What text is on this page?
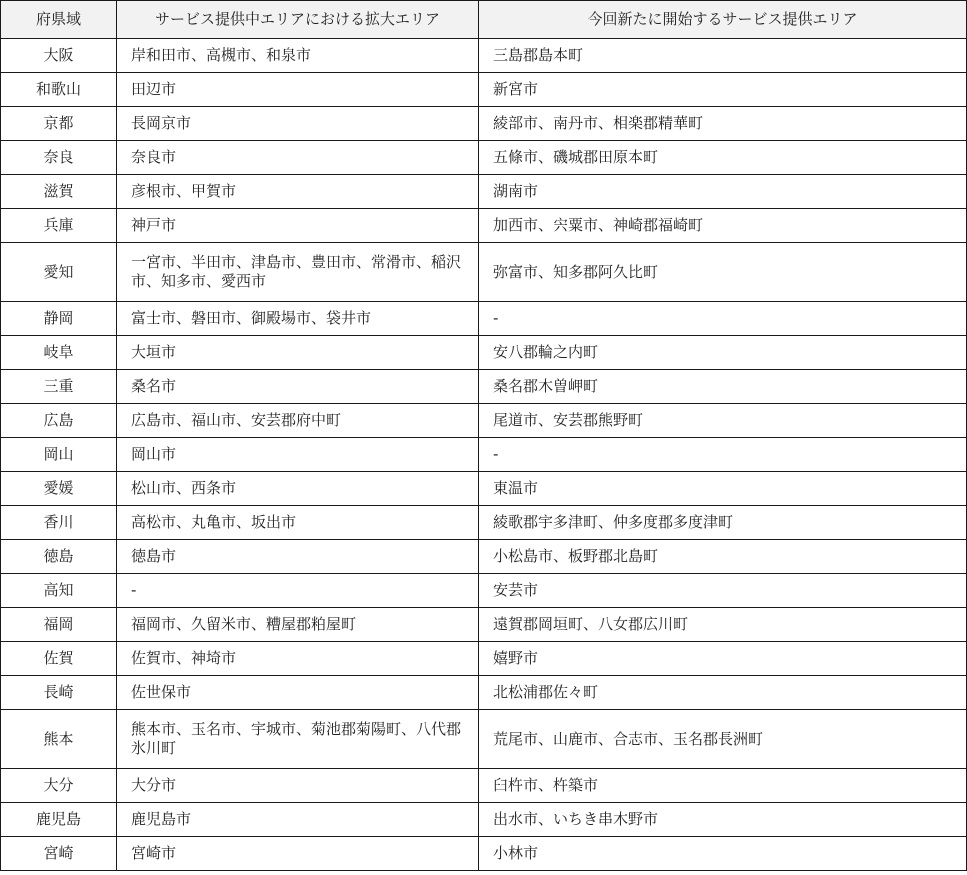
府県域	サービス提供中エリアにおける拡大エリア	今回新たに開始するサービス提供エリア
大阪	岸和田市、高槻市、和泉市	三島郡島本町
和歌山	田辺市	新宮市
京都	長岡京市	綾部市、南丹市、相楽郡精華町
奈良	奈良市	五條市、磯城郡田原本町
滋賀	彦根市、甲賀市	湖南市
兵庫	神戸市	加西市、宍粟市、神崎郡福崎町
愛知	一宮市、半田市、津島市、豊田市、常滑市、稲沢市、知多市、愛西市	弥富市、知多郡阿久比町
静岡	富士市、磐田市、御殿場市、袋井市	-
岐阜	大垣市	安八郡輪之内町
三重	桑名市	桑名郡木曽岬町
広島	広島市、福山市、安芸郡府中町	尾道市、安芸郡熊野町
岡山	岡山市	-
愛媛	松山市、西条市	東温市
香川	高松市、丸亀市、坂出市	綾歌郡宇多津町、仲多度郡多度津町
徳島	徳島市	小松島市、板野郡北島町
高知	-	安芸市
福岡	福岡市、久留米市、糟屋郡粕屋町	遠賀郡岡垣町、八女郡広川町
佐賀	佐賀市、神埼市	嬉野市
長崎	佐世保市	北松浦郡佐々町
熊本	熊本市、玉名市、宇城市、菊池郡菊陽町、八代郡氷川町	荒尾市、山鹿市、合志市、玉名郡長洲町
大分	大分市	臼杵市、杵築市
鹿児島	鹿児島市	出水市、いちき串木野市
宮崎	宮崎市	小林市
